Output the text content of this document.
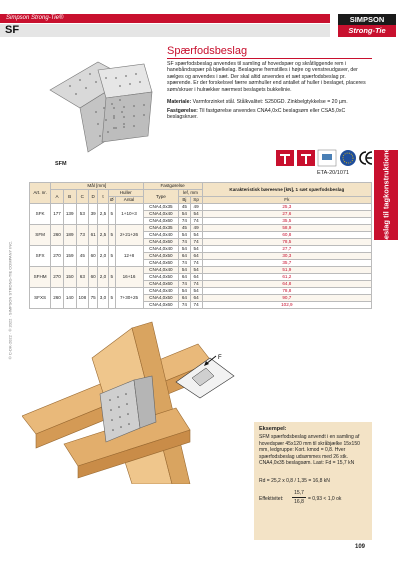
Simpson Strong-Tie®
SF
SIMPSON
Strong-Tie
Beslag til tagkonstruktioner
© C-DK-2022 · © 2022 · SIMPSON STRONG-TIE COMPANY INC.
SFM
Spærfodsbeslag
SF spærfodsbeslag anvendes til samling af hovedspær og skråtliggende rem i hanebåndsspær på bjælkelag. Beslagene fremstilles i højre og venstreudgaver, der sælges og anvendes i sæt. Der skal altid anvendes et sæt spærfodsbeslag pr. spærende. Er der forskelsvel færre sømhuller end antallet af huller i beslaget, placeres søm/skruer i hulrækker nærmest beslagets bukkelinie.
Materiale: Varmforzinket stål. Stålkvalitet: S250GD. Zinkbelgtykkelse = 20 µm.
Fastgørelse: Til fastgørelse anvendes CNA4,0xC beslagsøm eller CSA5,0xC beslagskruer.
ETA-20/1071
Art. nr.	Mål [mm]							Fastgørelse			Karakteristisk bæreevne [kN], 1 sæt spærfodsbeslag
	A	B	C	D	t	Huller		Type	lef, mm		
						Ø	Antal		Bj	Sp	Fk
SFK	177	139	53	39	2,5	5	1+10+3	CNA4,0x35	45	49	25,3
								CNA4,0x40	54	54	27,6
								CNA4,0x60	74	74	35,5
SFM	260	189	73	61	2,5	5	2+21+26	CNA4,0x35	45	49	58,9
								CNA4,0x40	54	54	60,8
								CNA4,0x60	74	74	78,5
SFX	270	159	45	60	2,0	5	12+8	CNA4,0x40	54	54	27,7
								CNA4,0x50	64	64	30,3
								CNA4,0x60	74	74	35,7
SFHM	270	150	63	60	2,0	5	16+16	CNA4,0x40	54	54	51,9
								CNA4,0x50	64	64	61,2
								CNA4,0x60	74	74	64,8
SFXS	260	140	108	75	3,0	5	7+30+25	CNA4,0x40	54	54	78,8
								CNA4,0x50	64	64	90,7
								CNA4,0x60	74	74	102,9
F
Eksempel:
SFM spærfodsbeslag anvendt i en samling af hovedspær 45x120 mm til skråbjælke 15x150 mm, ledgruppe: Kort. kmod = 0,8. Hver spærfodsbeslag udsømmes med 26 stk. CNA4,0x35 beslagsøm. Last: Fd = 15,7 kN
Rd = 25,2 x 0,8 / 1,35 = 16,8 kN
Effektivitet:
15,7
16,8 = 0,93 < 1,0 ok
109
